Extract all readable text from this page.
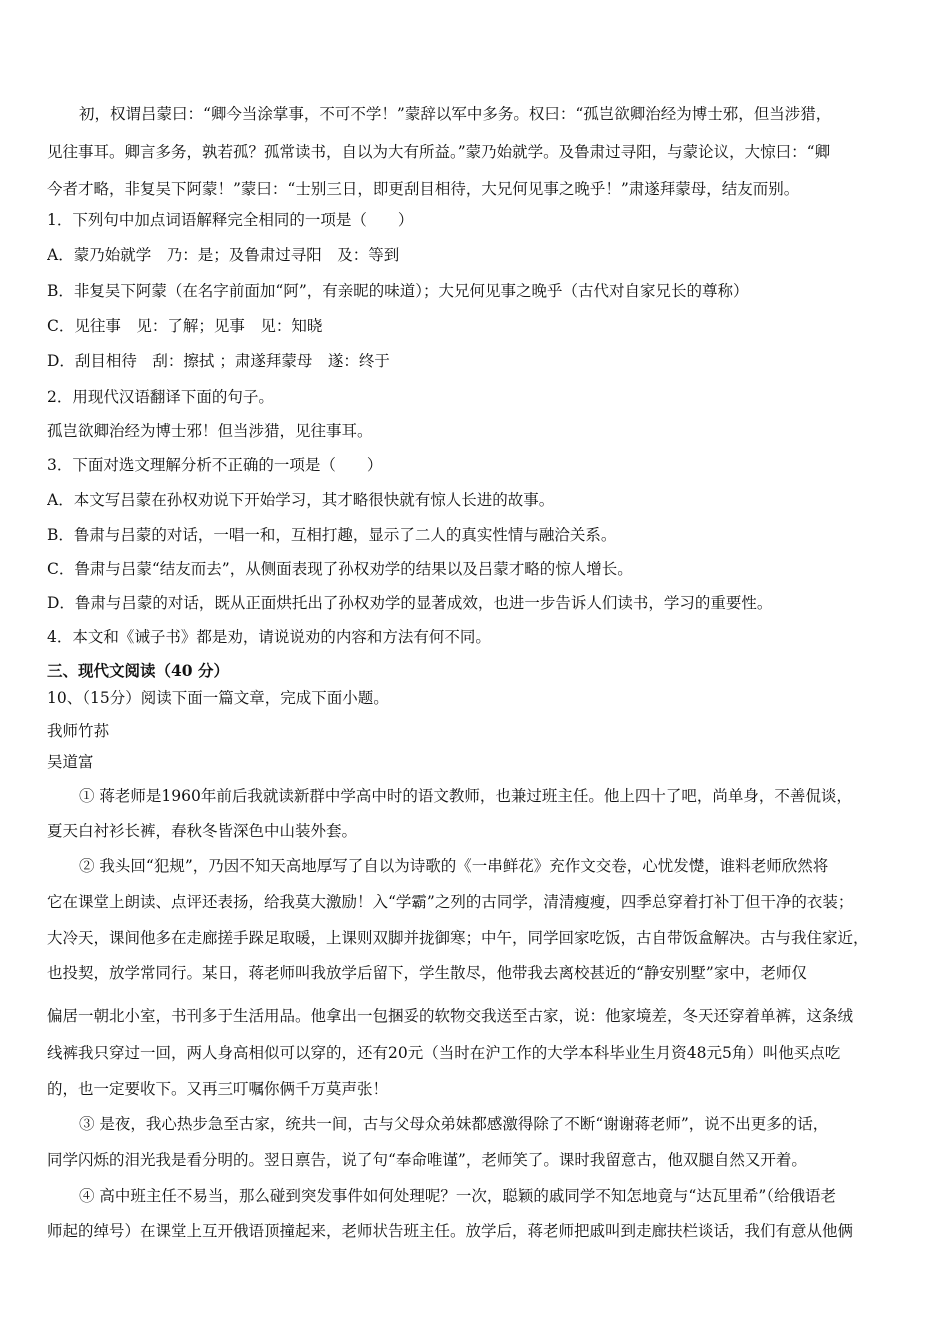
初，权谓吕蒙曰：“卿今当涂掌事，不可不学！”蒙辞以军中多务。权曰：“孤岂欲卿治经为博士邪，但当涉猎，
见往事耳。卿言多务，孰若孤？孤常读书，自以为大有所益。”蒙乃始就学。及鲁肃过寻阳，与蒙论议，大惊曰：“卿
今者才略，非复吴下阿蒙！”蒙曰：“士别三日，即更刮目相待，大兄何见事之晚乎！”肃遂拜蒙母，结友而别。
1．下列句中加点词语解释完全相同的一项是（　　）
A．蒙乃始就学　乃：是；及鲁肃过寻阳　及：等到
B．非复吴下阿蒙（在名字前面加“阿”，有亲昵的味道）；大兄何见事之晚乎（古代对自家兄长的尊称）
C．见往事　见：了解；见事　见：知晓
D．刮目相待　刮：擦拭 ；肃遂拜蒙母　遂：终于
2．用现代汉语翻译下面的句子。
孤岂欲卿治经为博士邪！但当涉猎，见往事耳。
3．下面对选文理解分析不正确的一项是（　　）
A．本文写吕蒙在孙权劝说下开始学习，其才略很快就有惊人长进的故事。
B．鲁肃与吕蒙的对话，一唱一和，互相打趣，显示了二人的真实性情与融洽关系。
C．鲁肃与吕蒙“结友而去”，从侧面表现了孙权劝学的结果以及吕蒙才略的惊人增长。
D．鲁肃与吕蒙的对话，既从正面烘托出了孙权劝学的显著成效，也进一步告诉人们读书，学习的重要性。
4．本文和《诫子书》都是劝，请说说劝的内容和方法有何不同。
三、现代文阅读（40 分）
10、（15分）阅读下面一篇文章，完成下面小题。
我师竹荪
吴道富
① 蒋老师是1960年前后我就读新群中学高中时的语文教师，也兼过班主任。他上四十了吧，尚单身，不善侃谈，
夏天白衬衫长裤，春秋冬皆深色中山装外套。
② 我头回“犯规”，乃因不知天高地厚写了自以为诗歌的《一串鲜花》充作文交卷，心忧发憷，谁料老师欣然将
它在课堂上朗读、点评还表扬，给我莫大激励！入“学霸”之列的古同学，清清瘦瘦，四季总穿着打补丁但干净的衣装；
大冷天，课间他多在走廊搓手跺足取暖，上课则双脚并拢御寒；中午，同学回家吃饭，古自带饭盒解决。古与我住家近，
也投契，放学常同行。某日，蒋老师叫我放学后留下，学生散尽，他带我去离校甚近的“静安别墅”家中，老师仅
偏居一朝北小室，书刊多于生活用品。他拿出一包捆妥的软物交我送至古家，说：他家境差，冬天还穿着单裤，这条绒
线裤我只穿过一回，两人身高相似可以穿的，还有20元（当时在沪工作的大学本科毕业生月资48元5角）叫他买点吃
的，也一定要收下。又再三叮嘱你俩千万莫声张！
③ 是夜，我心热步急至古家，统共一间，古与父母众弟妹都感激得除了不断“谢谢蒋老师”，说不出更多的话，
同学闪烁的泪光我是看分明的。翌日禀告，说了句“奉命唯谨”，老师笑了。课时我留意古，他双腿自然又开着。
④ 高中班主任不易当，那么碰到突发事件如何处理呢？一次，聪颖的戚同学不知怎地竟与“达瓦里希”（给俄语老
师起的绰号）在课堂上互开俄语顶撞起来，老师状告班主任。放学后，蒋老师把戚叫到走廊扶栏谈话，我们有意从他俩
